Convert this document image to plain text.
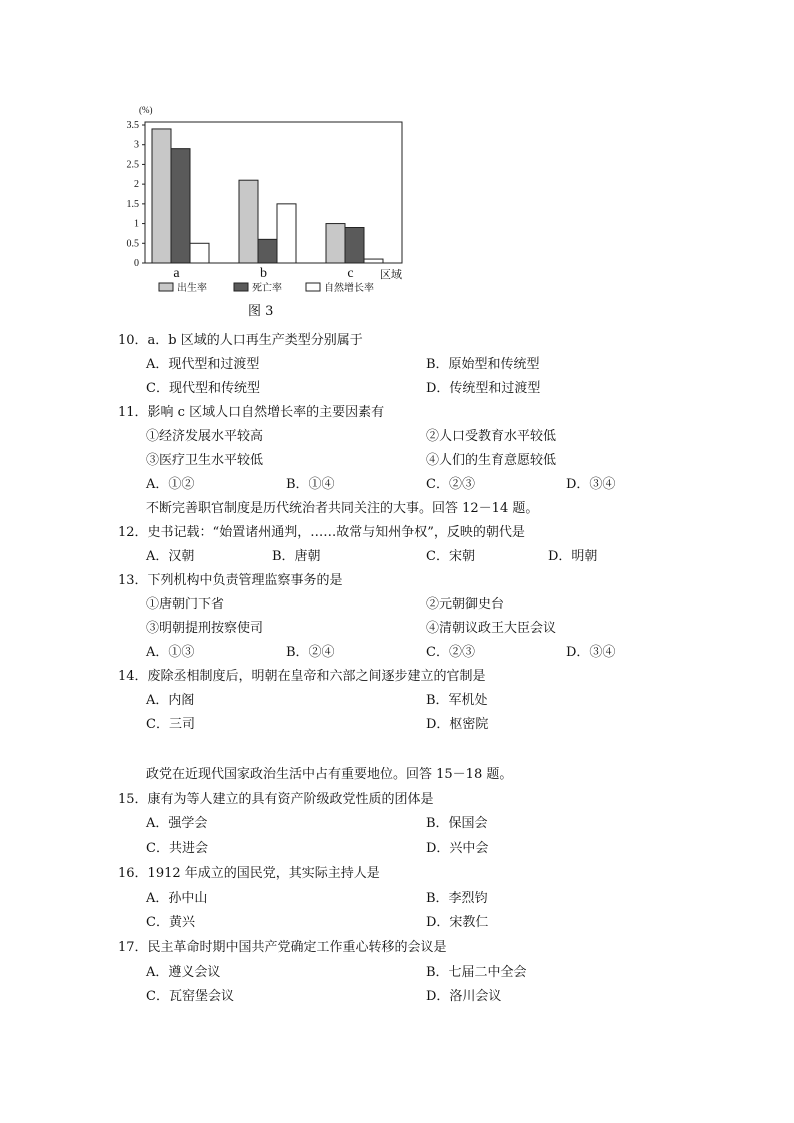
(%)
0
0.5
1
1.5
2
2.5
3
3.5
a	b	c 区域
出生率	死亡率	自然增长率
图 3
10．a．b 区域的人口再生产类型分别属于
A．现代型和过渡型	B．原始型和传统型
C．现代型和传统型	D．传统型和过渡型
11．影响 c 区域人口自然增长率的主要因素有
①经济发展水平较高	②人口受教育水平较低
③医疗卫生水平较低	④人们的生育意愿较低
A．①②	B．①④	C．②③	D．③④
不断完善职官制度是历代统治者共同关注的大事。回答 12－14 题。
12．史书记载：“始置诸州通判，……故常与知州争权”，反映的朝代是
A．汉朝	B．唐朝	C．宋朝	D．明朝
13．下列机构中负责管理监察事务的是
①唐朝门下省	②元朝御史台
③明朝提刑按察使司	④清朝议政王大臣会议
A．①③	B．②④	C．②③	D．③④
14．废除丞相制度后，明朝在皇帝和六部之间逐步建立的官制是
A．内阁	B．军机处
C．三司	D．枢密院
政党在近现代国家政治生活中占有重要地位。回答 15－18 题。
15．康有为等人建立的具有资产阶级政党性质的团体是
A．强学会	B．保国会
C．共进会	D．兴中会
16．1912 年成立的国民党，其实际主持人是
A．孙中山	B．李烈钧
C．黄兴	D．宋教仁
17．民主革命时期中国共产党确定工作重心转移的会议是
A．遵义会议	B．七届二中全会
C．瓦窑堡会议	D．洛川会议
